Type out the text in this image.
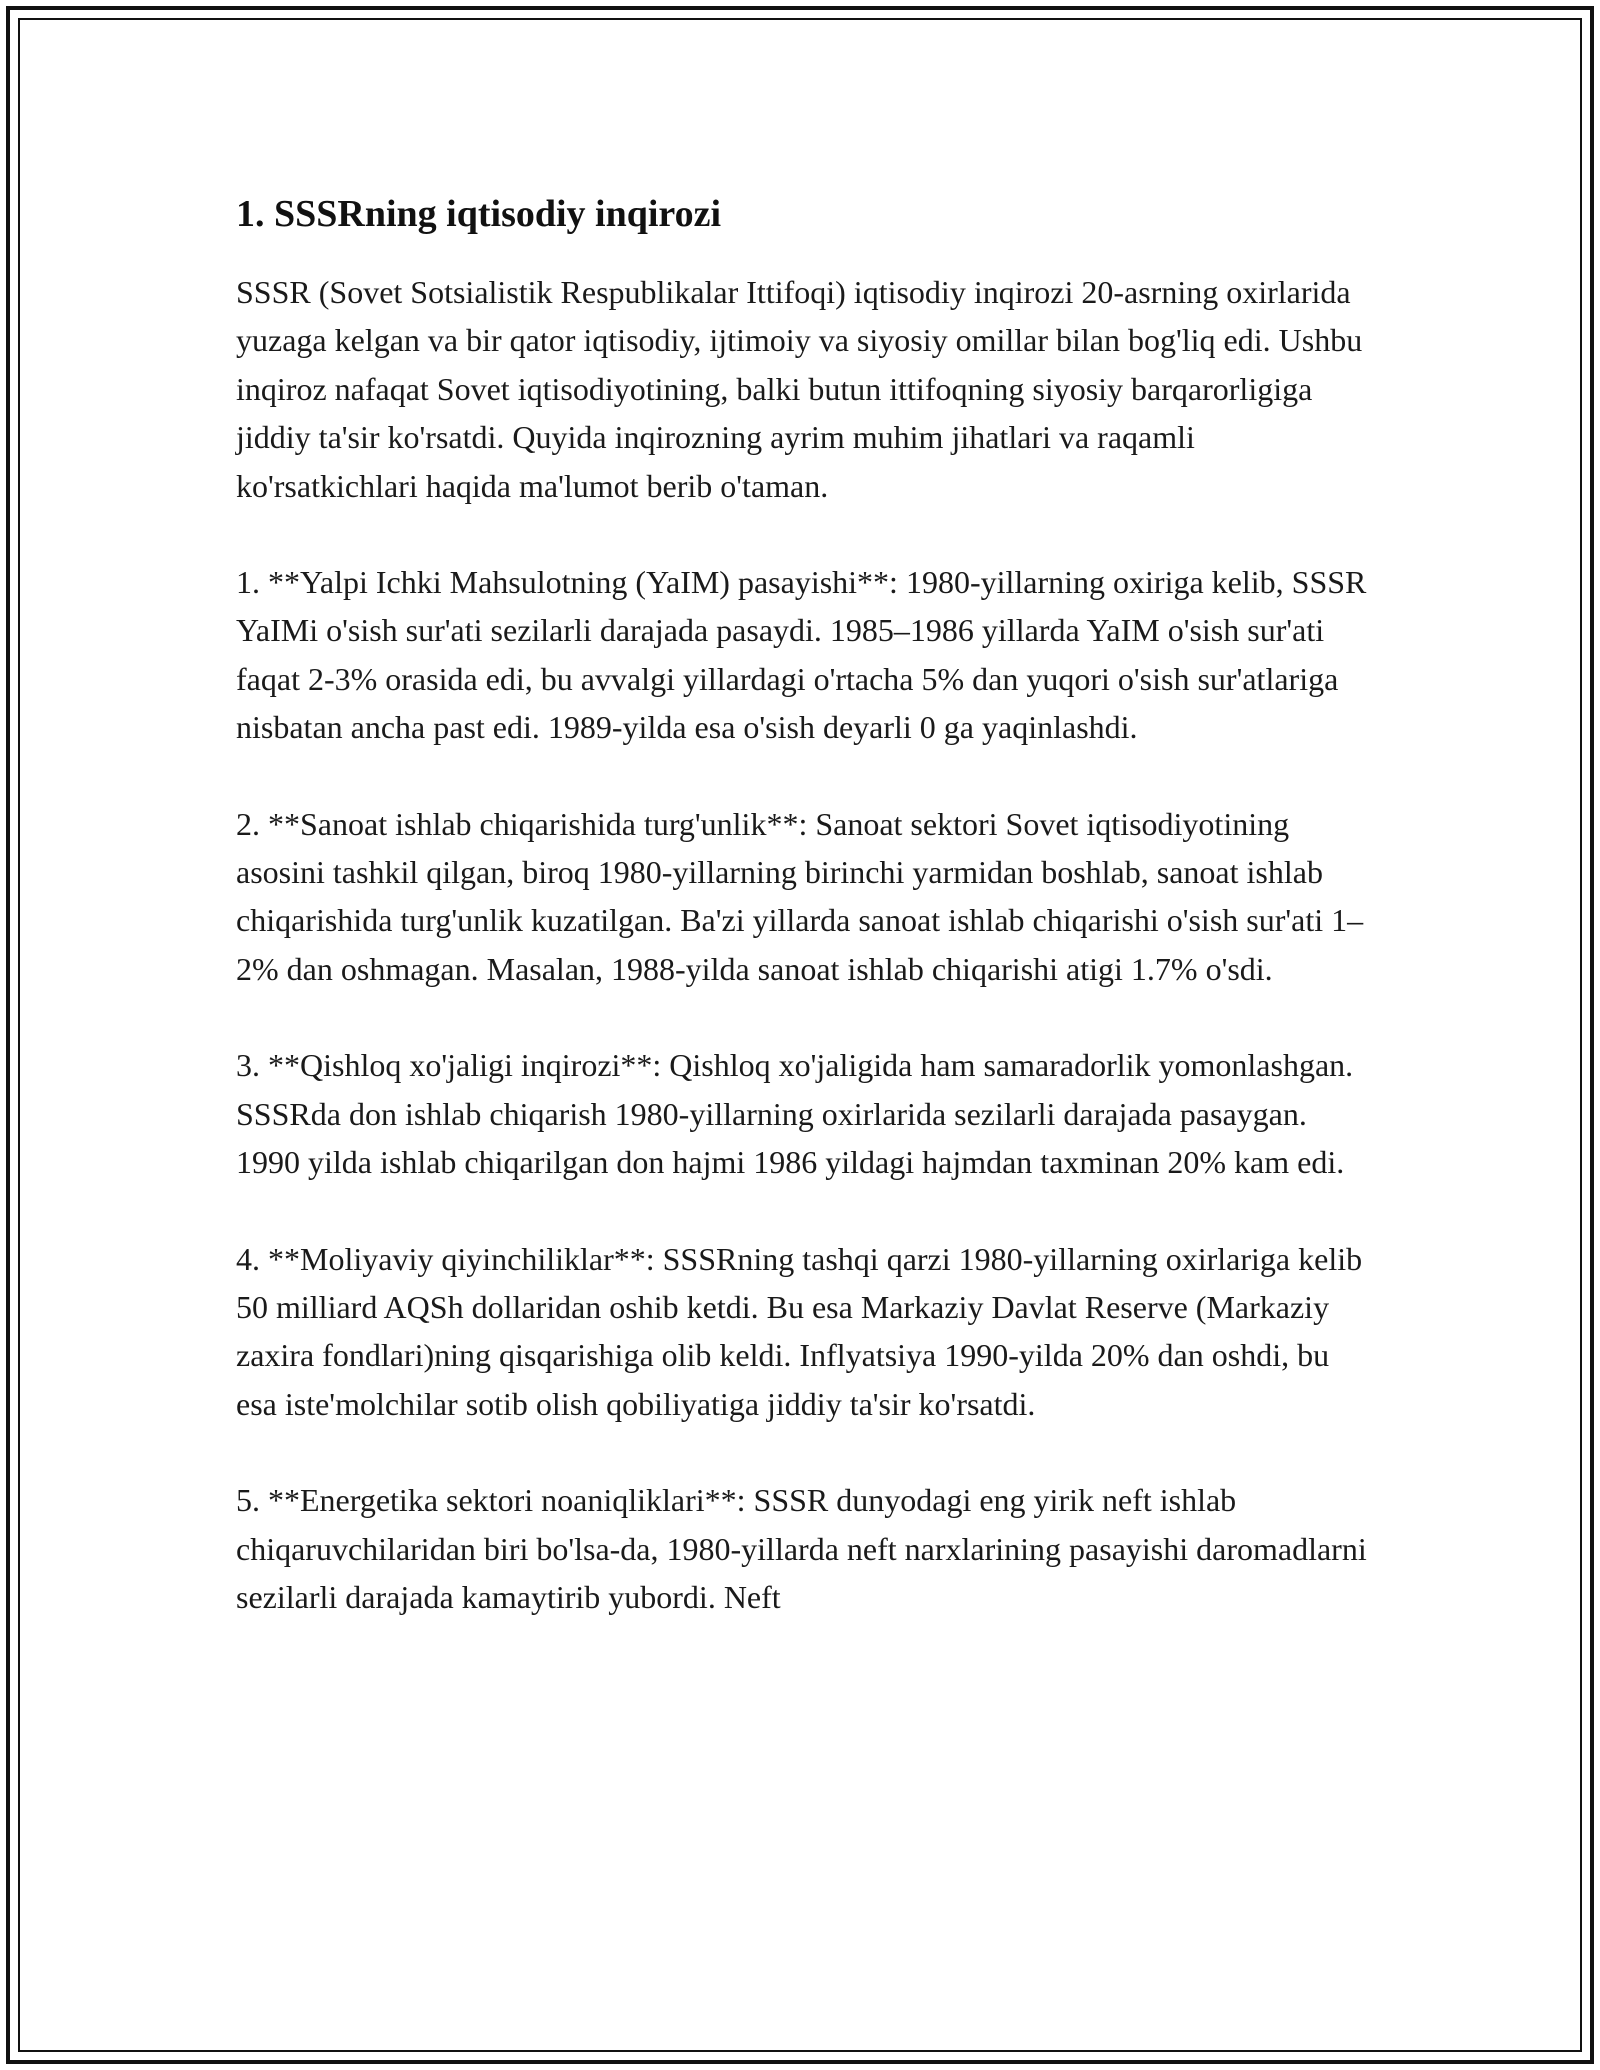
1. SSSRning iqtisodiy inqirozi

SSSR (Sovet Sotsialistik Respublikalar Ittifoqi) iqtisodiy inqirozi 20-asrning oxirlarida yuzaga kelgan va bir qator iqtisodiy, ijtimoiy va siyosiy omillar bilan bog'liq edi. Ushbu inqiroz nafaqat Sovet iqtisodiyotining, balki butun ittifoqning siyosiy barqarorligiga jiddiy ta'sir ko'rsatdi. Quyida inqirozning ayrim muhim jihatlari va raqamli ko'rsatkichlari haqida ma'lumot berib o'taman.

1. **Yalpi Ichki Mahsulotning (YaIM) pasayishi**: 1980-yillarning oxiriga kelib, SSSR YaIMi o'sish sur'ati sezilarli darajada pasaydi. 1985–1986 yillarda YaIM o'sish sur'ati faqat 2-3% orasida edi, bu avvalgi yillardagi o'rtacha 5% dan yuqori o'sish sur'atlariga nisbatan ancha past edi. 1989-yilda esa o'sish deyarli 0 ga yaqinlashdi.

2. **Sanoat ishlab chiqarishida turg'unlik**: Sanoat sektori Sovet iqtisodiyotining asosini tashkil qilgan, biroq 1980-yillarning birinchi yarmidan boshlab, sanoat ishlab chiqarishida turg'unlik kuzatilgan. Ba'zi yillarda sanoat ishlab chiqarishi o'sish sur'ati 1–2% dan oshmagan. Masalan, 1988-yilda sanoat ishlab chiqarishi atigi 1.7% o'sdi.

3. **Qishloq xo'jaligi inqirozi**: Qishloq xo'jaligida ham samaradorlik yomonlashgan. SSSRda don ishlab chiqarish 1980-yillarning oxirlarida sezilarli darajada pasaygan. 1990 yilda ishlab chiqarilgan don hajmi 1986 yildagi hajmdan taxminan 20% kam edi.

4. **Moliyaviy qiyinchiliklar**: SSSRning tashqi qarzi 1980-yillarning oxirlariga kelib 50 milliard AQSh dollaridan oshib ketdi. Bu esa Markaziy Davlat Reserve (Markaziy zaxira fondlari)ning qisqarishiga olib keldi. Inflyatsiya 1990-yilda 20% dan oshdi, bu esa iste'molchilar sotib olish qobiliyatiga jiddiy ta'sir ko'rsatdi.

5. **Energetika sektori noaniqliklari**: SSSR dunyodagi eng yirik neft ishlab chiqaruvchilaridan biri bo'lsa-da, 1980-yillarda neft narxlarining pasayishi daromadlarni sezilarli darajada kamaytirib yubordi. Neft
